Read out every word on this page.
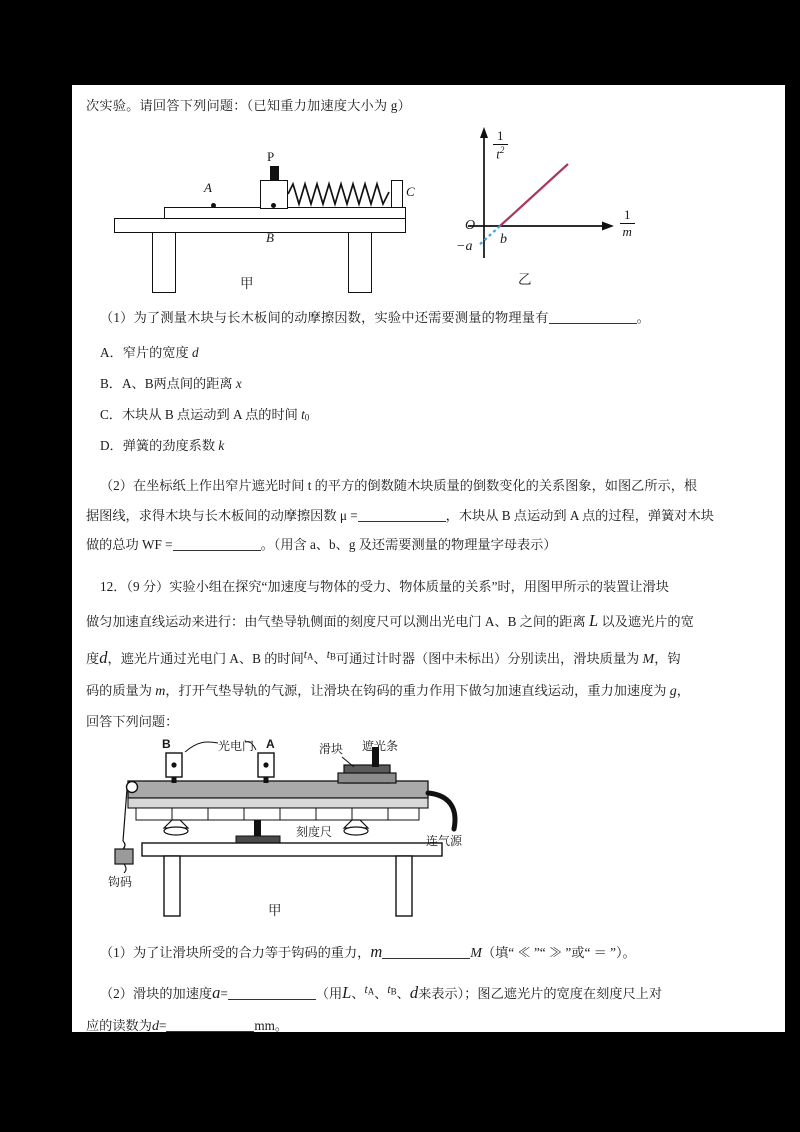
次实验。请回答下列问题：（已知重力加速度大小为 g）
A
B
C
P
甲
$\frac{1}{t^2}$
$\frac{1}{m}$
O
b
−a
乙
（1）为了测量木块与长木板间的动摩擦因数，实验中还需要测量的物理量有	。
A．窄片的宽度 d
B．A、B两点间的距离 x
C．木块从 B 点运动到 A 点的时间 t0
D．弹簧的劲度系数 k
（2）在坐标纸上作出窄片遮光时间 t 的平方的倒数随木块质量的倒数变化的关系图象，如图乙所示，根
据图线，求得木块与长木板间的动摩擦因数 μ =	，木块从 B 点运动到 A 点的过程，弹簧对木块
做的总功 WF =	。（用含 a、b、g 及还需要测量的物理量字母表示）
12．（9 分）实验小组在探究“加速度与物体的受力、物体质量的关系”时，用图甲所示的装置让滑块
做匀加速直线运动来进行：由气垫导轨侧面的刻度尺可以测出光电门 A、B 之间的距离 L 以及遮光片的宽
度d，遮光片通过光电门 A、B 的时间tA、tB可通过计时器（图中未标出）分别读出，滑块质量为 M，钩
码的质量为 m，打开气垫导轨的气源，让滑块在钩码的重力作用下做匀加速直线运动，重力加速度为 g，
回答下列问题：
B	光电门 A	滑块 遮光条
刻度尺
连气源
钩码
甲
（1）为了让滑块所受的合力等于钩码的重力，m	M（填“ ≪ ”“ ≫ ”或“ ＝ ”）。
（2）滑块的加速度a=	（用L、tA、tB、d来表示）；图乙遮光片的宽度在刻度尺上对
应的读数为d=	mm。
